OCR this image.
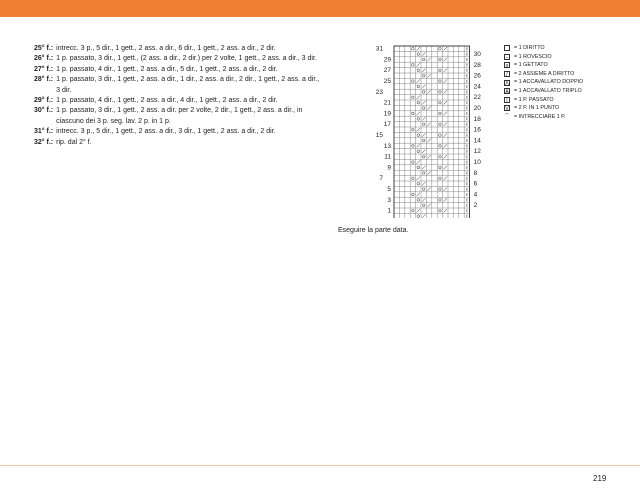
25° f.: intrecc. 3 p., 5 dir., 1 gett., 2 ass. a dir., 6 dir., 1 gett., 2 ass. a dir., 2 dir.
26° f.: 1 p. passato, 3 dir., 1 gett., (2 ass. a dir., 2 dir.) per 2 volte, 1 gett., 2 ass. a dir., 3 dir.
27° f.: 1 p. passato, 4 dir., 1 gett., 2 ass. a dir., 5 dir., 1 gett., 2 ass. a dir., 2 dir.
28° f.: 1 p. passato, 3 dir., 1 gett., 2 ass. a dir., 1 dir., 2 ass. a dir., 2 dir., 1 gett., 2 ass. a dir., 3 dir.
29° f.: 1 p. passato, 4 dir., 1 gett., 2 ass. a dir., 4 dir., 1 gett., 2 ass. a dir., 2 dir.
30° f.: 1 p. passato, 3 dir., 1 gett., 2 ass. a dir. per 2 volte, 2 dir., 1 gett., 2 ass. a dir., in ciascuno dei 3 p. seg. lav. 2 p. in 1 p.
31° f.: intrecc. 3 p., 5 dir., 1 gett., 2 ass. a dir., 3 dir., 1 gett., 2 ass. a dir., 2 dir.
32° f.: rip. dal 2° f.
31
29
27
25
23
21
19
17
15
13
11
9
7
5
3
1
30
28
26
24
22
20
18
16
14
12
10
8
6
4
2
= 1 DIRITTO
– = 1 ROVESCIO
o = 1 GETTATO
/	= 2 ASSIEME A DIRITTO
Λ = 1 ACCAVALLATO DOPPIO
Ѧ = 1 ACCAVALLATO TRIPLO
I	= 1 P. PASSATO
V = 2 P. IN 1 PUNTO
⌒ = INTRECCIARE 1 P.
Eseguire la parte data.
219
